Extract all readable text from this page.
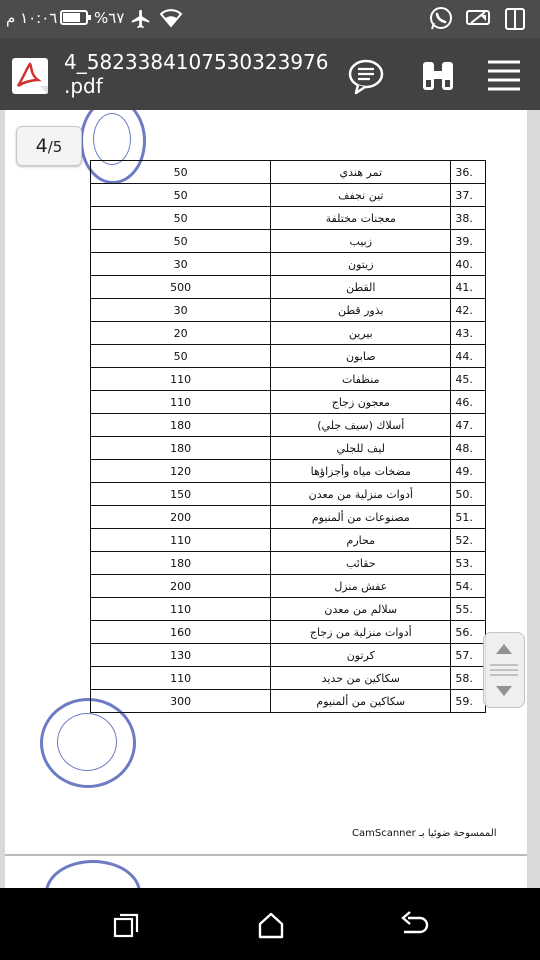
١٠:٠٦ م %٦٧
4_5823384107530323976 .pdf
50	تمر هندي	.36
50	تين نجفف	.37
50	معجنات مختلفة	.38
50	زبيب	.39
30	زيتون	.40
500	القطن	.41
30	بذور قطن	.42
20	بيرين	.43
50	صابون	.44
110	منظفات	.45
110	معجون زجاج	.46
180	أسلاك (سيف جلي)	.47
180	ليف للجلي	.48
120	مضخات مياه وأجزاؤها	.49
150	أدوات منزلية من معدن	.50
200	مصنوعات من ألمنيوم	.51
110	محارم	.52
180	حقائب	.53
200	عفش منزل	.54
110	سلالم من معدن	.55
160	أدوات منزلية من زجاج	.56
130	كرتون	.57
110	سكاكين من حديد	.58
300	سكاكين من ألمنيوم	.59
الممسوحة ضوئيا بـ CamScanner
4/5
